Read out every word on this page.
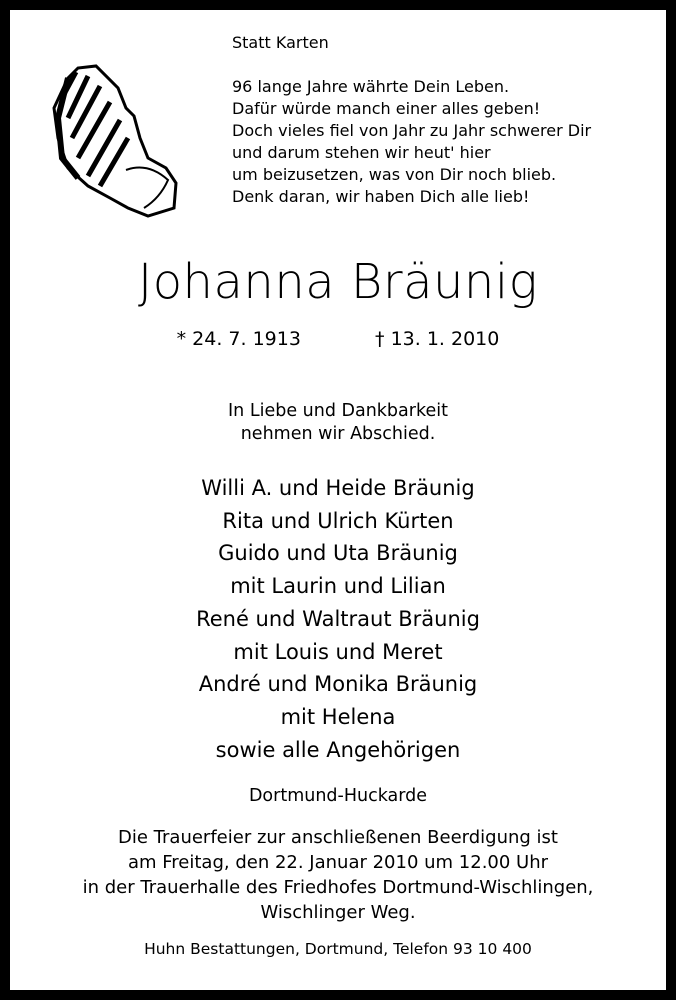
Statt Karten
96 lange Jahre währte Dein Leben.
Dafür würde manch einer alles geben!
Doch vieles fiel von Jahr zu Jahr schwerer Dir
und darum stehen wir heut' hier
um beizusetzen, was von Dir noch blieb.
Denk daran, wir haben Dich alle lieb!
Johanna Bräunig
* 24. 7. 1913	† 13. 1. 2010
In Liebe und Dankbarkeit
nehmen wir Abschied.
Willi A. und Heide Bräunig
Rita und Ulrich Kürten
Guido und Uta Bräunig
mit Laurin und Lilian
René und Waltraut Bräunig
mit Louis und Meret
André und Monika Bräunig
mit Helena
sowie alle Angehörigen
Dortmund-Huckarde
Die Trauerfeier zur anschließenen Beerdigung ist
am Freitag, den 22. Januar 2010 um 12.00 Uhr
in der Trauerhalle des Friedhofes Dortmund-Wischlingen,
Wischlinger Weg.
Huhn Bestattungen, Dortmund, Telefon 93 10 400
